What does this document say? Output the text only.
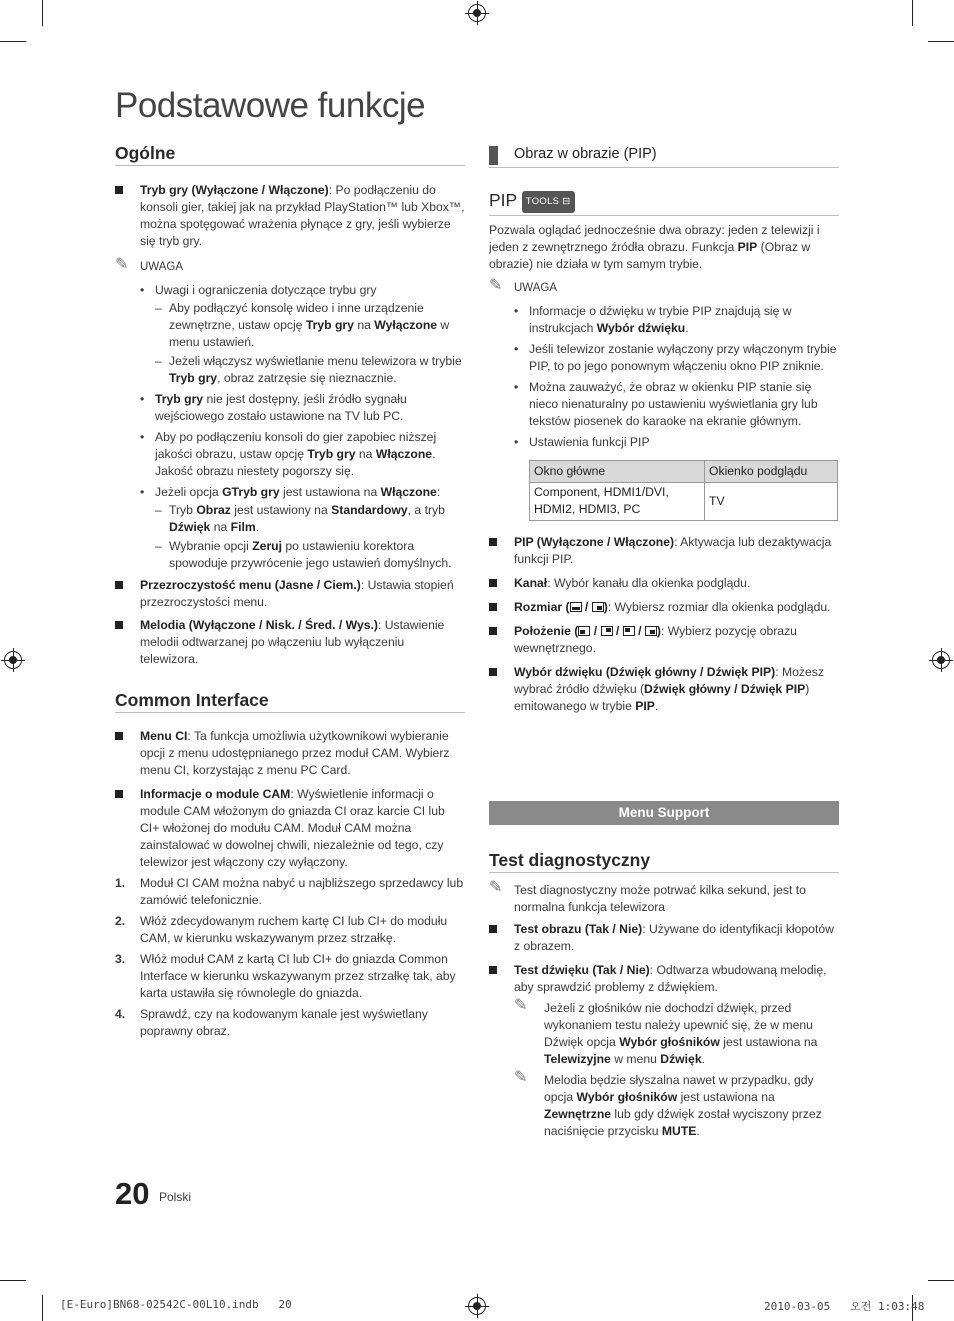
Podstawowe funkcje
Ogólne
Tryb gry (Wyłączone / Włączone): Po podłączeniu do konsoli gier, takiej jak na przykład PlayStation™ lub Xbox™, można spotęgować wrażenia płynące z gry, jeśli wybierze się tryb gry.
✎ UWAGA
• Uwagi i ograniczenia dotyczące trybu gry
– Aby podłączyć konsolę wideo i inne urządzenie zewnętrzne, ustaw opcję Tryb gry na Wyłączone w menu ustawień.
– Jeżeli włączysz wyświetlanie menu telewizora w trybie Tryb gry, obraz zatrzęsie się nieznacznie.
• Tryb gry nie jest dostępny, jeśli źródło sygnału wejściowego zostało ustawione na TV lub PC.
• Aby po podłączeniu konsoli do gier zapobiec niższej jakości obrazu, ustaw opcję Tryb gry na Włączone. Jakość obrazu niestety pogorszy się.
• Jeżeli opcja GTryb gry jest ustawiona na Włączone:
– Tryb Obraz jest ustawiony na Standardowy, a tryb Dźwięk na Film.
– Wybranie opcji Zeruj po ustawieniu korektora spowoduje przywrócenie jego ustawień domyślnych.
Przezroczystość menu (Jasne / Ciem.): Ustawia stopień przezroczystości menu.
Melodia (Wyłączone / Nisk. / Śred. / Wys.): Ustawienie melodii odtwarzanej po włączeniu lub wyłączeniu telewizora.
Common Interface
Menu CI: Ta funkcja umożliwia użytkownikowi wybieranie opcji z menu udostępnianego przez moduł CAM. Wybierz menu CI, korzystając z menu PC Card.
Informacje o module CAM: Wyświetlenie informacji o module CAM włożonym do gniazda CI oraz karcie CI lub CI+ włożonej do modułu CAM. Moduł CAM można zainstalować w dowolnej chwili, niezależnie od tego, czy telewizor jest włączony czy wyłączony.
1. Moduł CI CAM można nabyć u najbliższego sprzedawcy lub zamówić telefonicznie.
2. Włóż zdecydowanym ruchem kartę CI lub CI+ do modułu CAM, w kierunku wskazywanym przez strzałkę.
3. Włóż moduł CAM z kartą CI lub CI+ do gniazda Common Interface w kierunku wskazywanym przez strzałkę tak, aby karta ustawiła się równolegle do gniazda.
4. Sprawdź, czy na kodowanym kanale jest wyświetlany poprawny obraz.
Obraz w obrazie (PIP)
PIP TOOLS ⊟
Pozwala oglądać jednocześnie dwa obrazy: jeden z telewizji i jeden z zewnętrznego źródła obrazu. Funkcja PIP (Obraz w obrazie) nie działa w tym samym trybie.
✎ UWAGA
• Informacje o dźwięku w trybie PIP znajdują się w instrukcjach Wybór dźwięku.
• Jeśli telewizor zostanie wyłączony przy włączonym trybie PIP, to po jego ponownym włączeniu okno PIP zniknie.
• Można zauważyć, że obraz w okienku PIP stanie się nieco nienaturalny po ustawieniu wyświetlania gry lub tekstów piosenek do karaoke na ekranie głównym.
• Ustawienia funkcji PIP
Okno główne	Okienko podglądu
Component, HDMI1/DVI, HDMI2, HDMI3, PC	TV
PIP (Wyłączone / Włączone): Aktywacja lub dezaktywacja funkcji PIP.
Kanał: Wybór kanału dla okienka podglądu.
Rozmiar ( / ): Wybiersz rozmiar dla okienka podglądu.
Położenie ( /  /  / ): Wybierz pozycję obrazu wewnętrznego.
Wybór dźwięku (Dźwięk główny / Dźwięk PIP): Możesz wybrać źródło dźwięku (Dźwięk główny / Dźwięk PIP) emitowanego w trybie PIP.
Menu Support
Test diagnostyczny
✎ Test diagnostyczny może potrwać kilka sekund, jest to normalna funkcja telewizora
Test obrazu (Tak / Nie): Używane do identyfikacji kłopotów z obrazem.
Test dźwięku (Tak / Nie): Odtwarza wbudowaną melodię, aby sprawdzić problemy z dźwiękiem.
✎ Jeżeli z głośników nie dochodzi dźwięk, przed wykonaniem testu należy upewnić się, że w menu Dźwięk opcja Wybór głośników jest ustawiona na Telewizyjne w menu Dźwięk.
✎ Melodia będzie słyszalna nawet w przypadku, gdy opcja Wybór głośników jest ustawiona na Zewnętrzne lub gdy dźwięk został wyciszony przez naciśnięcie przycisku MUTE.
20 Polski
[E-Euro]BN68-02542C-00L10.indb   20	2010-03-05   오전 1:03:48
